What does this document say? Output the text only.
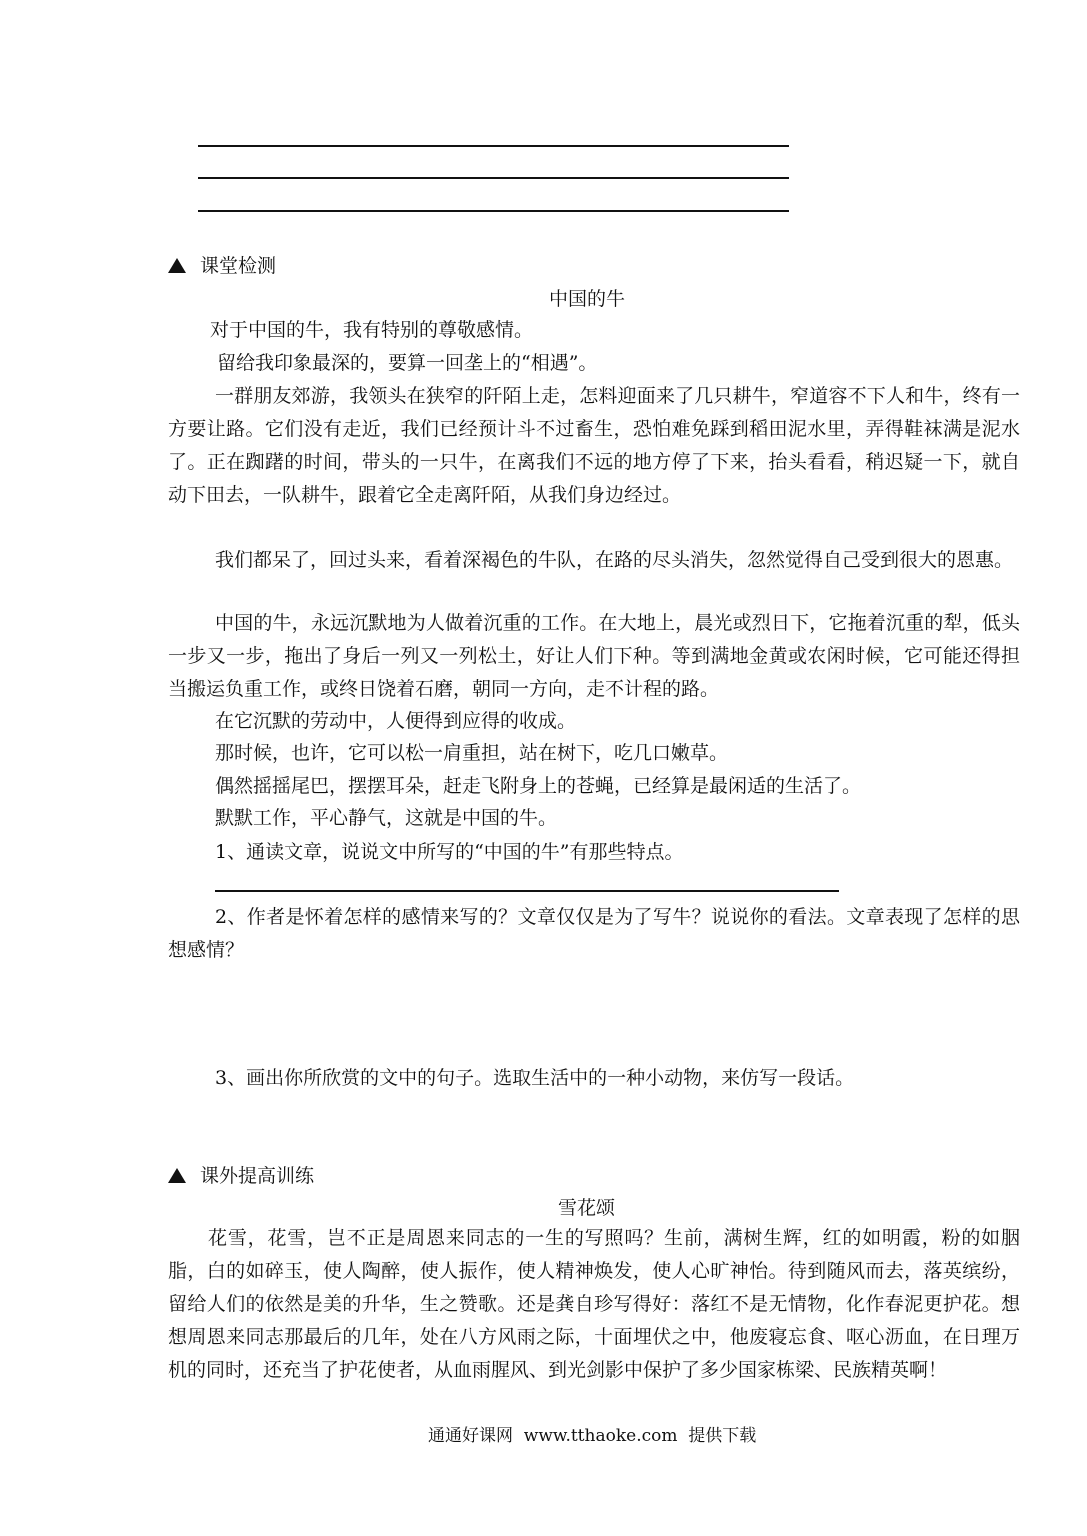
课堂检测
中国的牛
对于中国的牛，我有特别的尊敬感情。
留给我印象最深的，要算一回垄上的“相遇”。

一群朋友郊游，我领头在狭窄的阡陌上走，怎料迎面来了几只耕牛，窄道容不下人和牛，终有一方要让路。它们没有走近，我们已经预计斗不过畜生，恐怕难免踩到稻田泥水里，弄得鞋袜满是泥水了。正在踟躇的时间，带头的一只牛，在离我们不远的地方停了下来，抬头看看，稍迟疑一下，就自动下田去，一队耕牛，跟着它全走离阡陌，从我们身边经过。

我们都呆了，回过头来，看着深褐色的牛队，在路的尽头消失，忽然觉得自己受到很大的恩惠。

中国的牛，永远沉默地为人做着沉重的工作。在大地上，晨光或烈日下，它拖着沉重的犁，低头一步又一步，拖出了身后一列又一列松土，好让人们下种。等到满地金黄或农闲时候，它可能还得担当搬运负重工作，或终日饶着石磨，朝同一方向，走不计程的路。

在它沉默的劳动中，人便得到应得的收成。
那时候，也许，它可以松一肩重担，站在树下，吃几口嫩草。
偶然摇摇尾巴，摆摆耳朵，赶走飞附身上的苍蝇，已经算是最闲适的生活了。
默默工作，平心静气，这就是中国的牛。
1、通读文章，说说文中所写的“中国的牛”有那些特点。

2、作者是怀着怎样的感情来写的？文章仅仅是为了写牛？说说你的看法。文章表现了怎样的思想感情？

3、画出你所欣赏的文中的句子。选取生活中的一种小动物，来仿写一段话。
课外提高训练
雪花颂

花雪，花雪，岂不正是周恩来同志的一生的写照吗？生前，满树生辉，红的如明霞，粉的如胭脂，白的如碎玉，使人陶醉，使人振作，使人精神焕发，使人心旷神怡。待到随风而去，落英缤纷，留给人们的依然是美的升华，生之赞歌。还是龚自珍写得好：落红不是无情物，化作春泥更护花。想想周恩来同志那最后的几年，处在八方风雨之际，十面埋伏之中，他废寝忘食、呕心沥血，在日理万机的同时，还充当了护花使者，从血雨腥风、到光剑影中保护了多少国家栋梁、民族精英啊！

通通好课网  www.tthaoke.com  提供下载
